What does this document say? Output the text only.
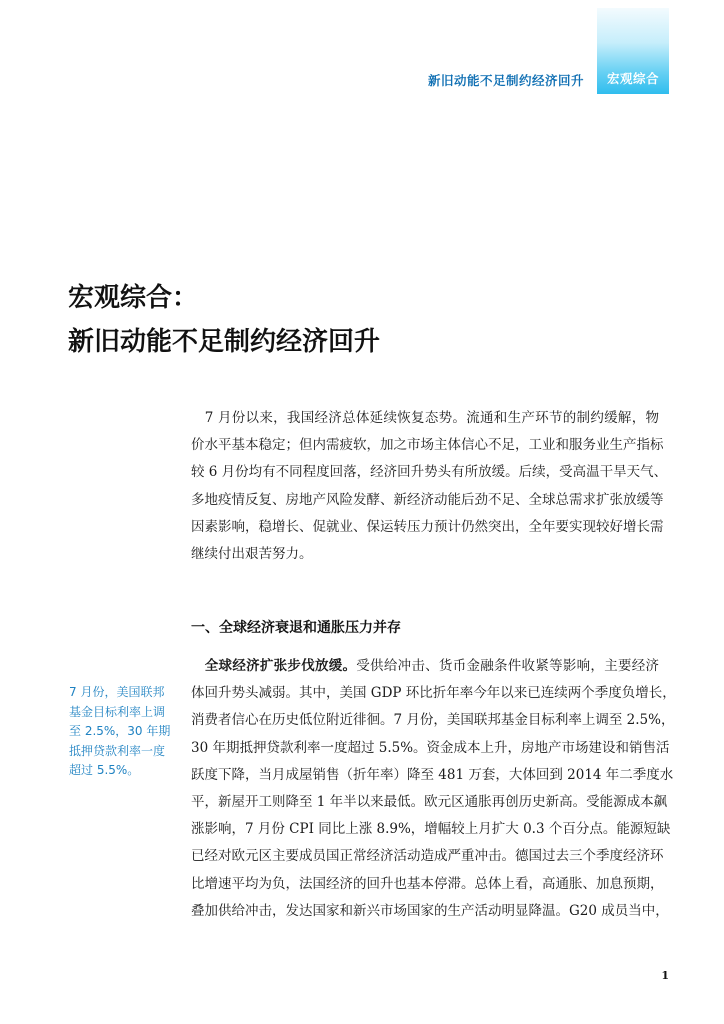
宏观综合
新旧动能不足制约经济回升
宏观综合：
新旧动能不足制约经济回升
　7 月份以来，我国经济总体延续恢复态势。流通和生产环节的制约缓解，物
价水平基本稳定；但内需疲软，加之市场主体信心不足，工业和服务业生产指标
较 6 月份均有不同程度回落，经济回升势头有所放缓。后续，受高温干旱天气、
多地疫情反复、房地产风险发酵、新经济动能后劲不足、全球总需求扩张放缓等
因素影响，稳增长、促就业、保运转压力预计仍然突出，全年要实现较好增长需
继续付出艰苦努力。
一、全球经济衰退和通胀压力并存
　全球经济扩张步伐放缓。受供给冲击、货币金融条件收紧等影响，主要经济
体回升势头减弱。其中，美国 GDP 环比折年率今年以来已连续两个季度负增长，
消费者信心在历史低位附近徘徊。7 月份，美国联邦基金目标利率上调至 2.5%，
30 年期抵押贷款利率一度超过 5.5%。资金成本上升，房地产市场建设和销售活
跃度下降，当月成屋销售（折年率）降至 481 万套，大体回到 2014 年二季度水
平，新屋开工则降至 1 年半以来最低。欧元区通胀再创历史新高。受能源成本飙
涨影响，7 月份 CPI 同比上涨 8.9%，增幅较上月扩大 0.3 个百分点。能源短缺
已经对欧元区主要成员国正常经济活动造成严重冲击。德国过去三个季度经济环
比增速平均为负，法国经济的回升也基本停滞。总体上看，高通胀、加息预期，
叠加供给冲击，发达国家和新兴市场国家的生产活动明显降温。G20 成员当中，
7 月份，美国联邦
基金目标利率上调
至 2.5%，30 年期
抵押贷款利率一度
超过 5.5%。
1
